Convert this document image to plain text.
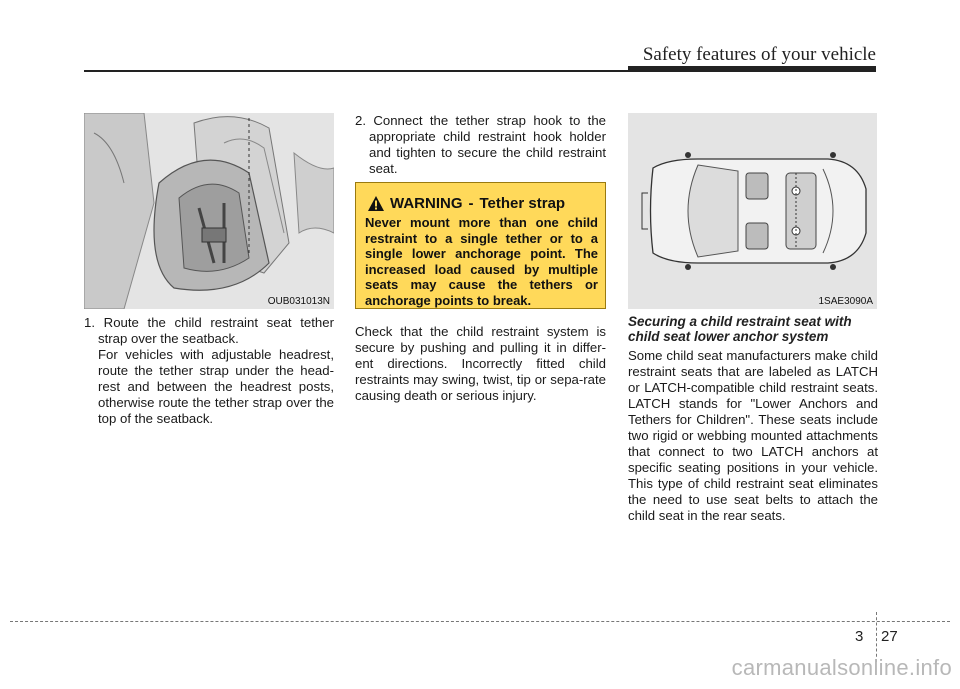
Safety features of your vehicle
OUB031013N

1. Route the child restraint seat tether strap over the seatback.

For vehicles with adjustable headrest, route the tether strap under the head-rest and between the headrest posts, otherwise route the tether strap over the top of the seatback.

2. Connect the tether strap hook to the appropriate child restraint hook holder and tighten to secure the child restraint seat.

WARNING - Tether strap
Never mount more than one child restraint to a single tether or to a single lower anchorage point. The increased load caused by multiple seats may cause the tethers or anchorage points to break.

Check that the child restraint system is secure by pushing and pulling it in differ-ent directions. Incorrectly fitted child restraints may swing, twist, tip or sepa-rate causing death or serious injury.

1SAE3090A
Securing a child restraint seat with child seat lower anchor system

Some child seat manufacturers make child restraint seats that are labeled as LATCH or LATCH-compatible child restraint seats. LATCH stands for "Lower Anchors and Tethers for Children". These seats include two rigid or webbing mounted attachments that connect to two LATCH anchors at specific seating positions in your vehicle. This type of child restraint seat eliminates the need to use seat belts to attach the child seat in the rear seats.

3 27
carmanualsonline.info
